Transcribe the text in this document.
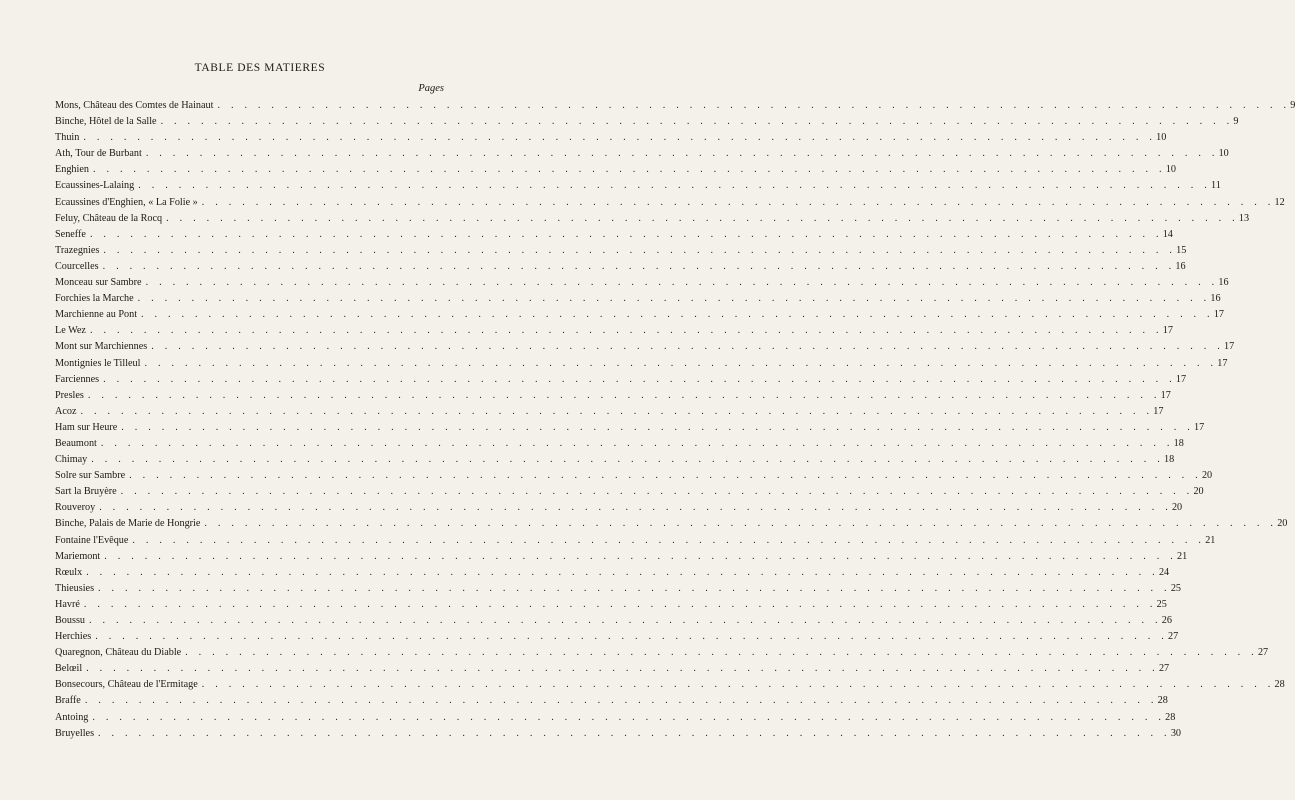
TABLE DES MATIERES
Pages
Mons, Château des Comtes de Hainaut . . . . . . . . . . . . . . . . . . . . . . . . . . . . . . . . . . . . . . . . . . . . . . . . . . . . . . . . . . . . . . . . . . . . . . . . . . . . . . . . 9
Binche, Hôtel de la Salle . . . . . . . . . . . . . . . . . . . . . . . . . . . . . . . . . . . . . . . . . . . . . . . . . . . . . . . . . . . . . . . . . . . . . . . . . . . . . . . . 9
Thuin . . . . . . . . . . . . . . . . . . . . . . . . . . . . . . . . . . . . . . . . . . . . . . . . . . . . . . . . . . . . . . . . . . . . . . . . . . . . . . . . 10
Ath, Tour de Burbant . . . . . . . . . . . . . . . . . . . . . . . . . . . . . . . . . . . . . . . . . . . . . . . . . . . . . . . . . . . . . . . . . . . . . . . . . . . . . . . . 10
Enghien . . . . . . . . . . . . . . . . . . . . . . . . . . . . . . . . . . . . . . . . . . . . . . . . . . . . . . . . . . . . . . . . . . . . . . . . . . . . . . . . 10
Ecaussines-Lalaing . . . . . . . . . . . . . . . . . . . . . . . . . . . . . . . . . . . . . . . . . . . . . . . . . . . . . . . . . . . . . . . . . . . . . . . . . . . . . . . . 11
Ecaussines d'Enghien, « La Folie » . . . . . . . . . . . . . . . . . . . . . . . . . . . . . . . . . . . . . . . . . . . . . . . . . . . . . . . . . . . . . . . . . . . . . . . . . . . . . . . . 12
Feluy, Château de la Rocq . . . . . . . . . . . . . . . . . . . . . . . . . . . . . . . . . . . . . . . . . . . . . . . . . . . . . . . . . . . . . . . . . . . . . . . . . . . . . . . . 13
Seneffe . . . . . . . . . . . . . . . . . . . . . . . . . . . . . . . . . . . . . . . . . . . . . . . . . . . . . . . . . . . . . . . . . . . . . . . . . . . . . . . . 14
Trazegnies . . . . . . . . . . . . . . . . . . . . . . . . . . . . . . . . . . . . . . . . . . . . . . . . . . . . . . . . . . . . . . . . . . . . . . . . . . . . . . . . 15
Courcelles . . . . . . . . . . . . . . . . . . . . . . . . . . . . . . . . . . . . . . . . . . . . . . . . . . . . . . . . . . . . . . . . . . . . . . . . . . . . . . . . 16
Monceau sur Sambre . . . . . . . . . . . . . . . . . . . . . . . . . . . . . . . . . . . . . . . . . . . . . . . . . . . . . . . . . . . . . . . . . . . . . . . . . . . . . . . . 16
Forchies la Marche . . . . . . . . . . . . . . . . . . . . . . . . . . . . . . . . . . . . . . . . . . . . . . . . . . . . . . . . . . . . . . . . . . . . . . . . . . . . . . . . 16
Marchienne au Pont . . . . . . . . . . . . . . . . . . . . . . . . . . . . . . . . . . . . . . . . . . . . . . . . . . . . . . . . . . . . . . . . . . . . . . . . . . . . . . . . 17
Le Wez . . . . . . . . . . . . . . . . . . . . . . . . . . . . . . . . . . . . . . . . . . . . . . . . . . . . . . . . . . . . . . . . . . . . . . . . . . . . . . . . 17
Mont sur Marchiennes . . . . . . . . . . . . . . . . . . . . . . . . . . . . . . . . . . . . . . . . . . . . . . . . . . . . . . . . . . . . . . . . . . . . . . . . . . . . . . . . 17
Montignies le Tilleul . . . . . . . . . . . . . . . . . . . . . . . . . . . . . . . . . . . . . . . . . . . . . . . . . . . . . . . . . . . . . . . . . . . . . . . . . . . . . . . . 17
Farciennes . . . . . . . . . . . . . . . . . . . . . . . . . . . . . . . . . . . . . . . . . . . . . . . . . . . . . . . . . . . . . . . . . . . . . . . . . . . . . . . . 17
Presles . . . . . . . . . . . . . . . . . . . . . . . . . . . . . . . . . . . . . . . . . . . . . . . . . . . . . . . . . . . . . . . . . . . . . . . . . . . . . . . . 17
Acoz . . . . . . . . . . . . . . . . . . . . . . . . . . . . . . . . . . . . . . . . . . . . . . . . . . . . . . . . . . . . . . . . . . . . . . . . . . . . . . . . 17
Ham sur Heure . . . . . . . . . . . . . . . . . . . . . . . . . . . . . . . . . . . . . . . . . . . . . . . . . . . . . . . . . . . . . . . . . . . . . . . . . . . . . . . . 17
Beaumont . . . . . . . . . . . . . . . . . . . . . . . . . . . . . . . . . . . . . . . . . . . . . . . . . . . . . . . . . . . . . . . . . . . . . . . . . . . . . . . . 18
Chimay . . . . . . . . . . . . . . . . . . . . . . . . . . . . . . . . . . . . . . . . . . . . . . . . . . . . . . . . . . . . . . . . . . . . . . . . . . . . . . . . 18
Solre sur Sambre . . . . . . . . . . . . . . . . . . . . . . . . . . . . . . . . . . . . . . . . . . . . . . . . . . . . . . . . . . . . . . . . . . . . . . . . . . . . . . . . 20
Sart la Bruyère . . . . . . . . . . . . . . . . . . . . . . . . . . . . . . . . . . . . . . . . . . . . . . . . . . . . . . . . . . . . . . . . . . . . . . . . . . . . . . . . 20
Rouveroy . . . . . . . . . . . . . . . . . . . . . . . . . . . . . . . . . . . . . . . . . . . . . . . . . . . . . . . . . . . . . . . . . . . . . . . . . . . . . . . . 20
Binche, Palais de Marie de Hongrie . . . . . . . . . . . . . . . . . . . . . . . . . . . . . . . . . . . . . . . . . . . . . . . . . . . . . . . . . . . . . . . . . . . . . . . . . . . . . . . . 20
Fontaine l'Evêque . . . . . . . . . . . . . . . . . . . . . . . . . . . . . . . . . . . . . . . . . . . . . . . . . . . . . . . . . . . . . . . . . . . . . . . . . . . . . . . . 21
Mariemont . . . . . . . . . . . . . . . . . . . . . . . . . . . . . . . . . . . . . . . . . . . . . . . . . . . . . . . . . . . . . . . . . . . . . . . . . . . . . . . . 21
Rœulx . . . . . . . . . . . . . . . . . . . . . . . . . . . . . . . . . . . . . . . . . . . . . . . . . . . . . . . . . . . . . . . . . . . . . . . . . . . . . . . . 24
Thieusies . . . . . . . . . . . . . . . . . . . . . . . . . . . . . . . . . . . . . . . . . . . . . . . . . . . . . . . . . . . . . . . . . . . . . . . . . . . . . . . . 25
Havré . . . . . . . . . . . . . . . . . . . . . . . . . . . . . . . . . . . . . . . . . . . . . . . . . . . . . . . . . . . . . . . . . . . . . . . . . . . . . . . . 25
Boussu . . . . . . . . . . . . . . . . . . . . . . . . . . . . . . . . . . . . . . . . . . . . . . . . . . . . . . . . . . . . . . . . . . . . . . . . . . . . . . . . 26
Herchies . . . . . . . . . . . . . . . . . . . . . . . . . . . . . . . . . . . . . . . . . . . . . . . . . . . . . . . . . . . . . . . . . . . . . . . . . . . . . . . . 27
Quaregnon, Château du Diable . . . . . . . . . . . . . . . . . . . . . . . . . . . . . . . . . . . . . . . . . . . . . . . . . . . . . . . . . . . . . . . . . . . . . . . . . . . . . . . . 27
Belœil . . . . . . . . . . . . . . . . . . . . . . . . . . . . . . . . . . . . . . . . . . . . . . . . . . . . . . . . . . . . . . . . . . . . . . . . . . . . . . . . 27
Bonsecours, Château de l'Ermitage . . . . . . . . . . . . . . . . . . . . . . . . . . . . . . . . . . . . . . . . . . . . . . . . . . . . . . . . . . . . . . . . . . . . . . . . . . . . . . . . 28
Braffe . . . . . . . . . . . . . . . . . . . . . . . . . . . . . . . . . . . . . . . . . . . . . . . . . . . . . . . . . . . . . . . . . . . . . . . . . . . . . . . . 28
Antoing . . . . . . . . . . . . . . . . . . . . . . . . . . . . . . . . . . . . . . . . . . . . . . . . . . . . . . . . . . . . . . . . . . . . . . . . . . . . . . . . 28
Bruyelles . . . . . . . . . . . . . . . . . . . . . . . . . . . . . . . . . . . . . . . . . . . . . . . . . . . . . . . . . . . . . . . . . . . . . . . . . . . . . . . . 30
